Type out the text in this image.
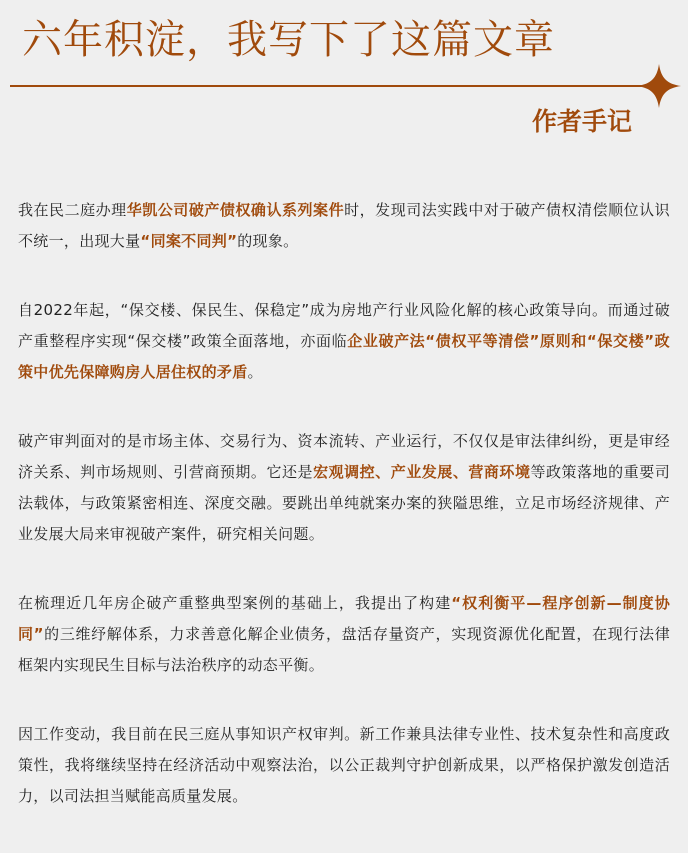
六年积淀，我写下了这篇文章
作者手记

我在民二庭办理华凯公司破产债权确认系列案件时，发现司法实践中对于破产债权清偿顺位认识不统一，出现大量“同案不同判”的现象。

自2022年起，“保交楼、保民生、保稳定”成为房地产行业风险化解的核心政策导向。而通过破产重整程序实现“保交楼”政策全面落地，亦面临企业破产法“债权平等清偿”原则和“保交楼”政策中优先保障购房人居住权的矛盾。

破产审判面对的是市场主体、交易行为、资本流转、产业运行，不仅仅是审法律纠纷，更是审经济关系、判市场规则、引营商预期。它还是宏观调控、产业发展、营商环境等政策落地的重要司法载体，与政策紧密相连、深度交融。要跳出单纯就案办案的狭隘思维，立足市场经济规律、产业发展大局来审视破产案件，研究相关问题。

在梳理近几年房企破产重整典型案例的基础上，我提出了构建“权利衡平—程序创新—制度协同”的三维纾解体系，力求善意化解企业债务，盘活存量资产，实现资源优化配置，在现行法律框架内实现民生目标与法治秩序的动态平衡。

因工作变动，我目前在民三庭从事知识产权审判。新工作兼具法律专业性、技术复杂性和高度政策性，我将继续坚持在经济活动中观察法治，以公正裁判守护创新成果，以严格保护激发创造活力，以司法担当赋能高质量发展。
